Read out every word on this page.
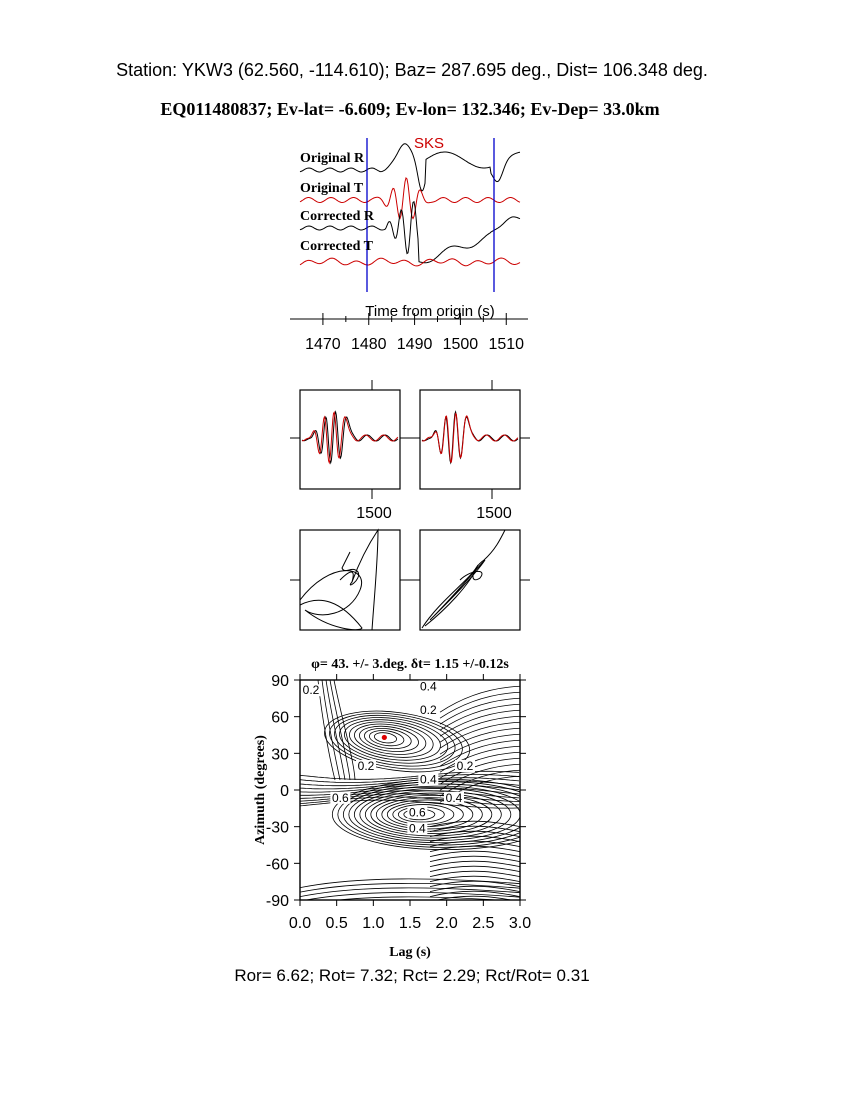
Station: YKW3 (62.560, -114.610); Baz= 287.695 deg., Dist= 106.348 deg.
EQ011480837; Ev-lat= -6.609; Ev-lon= 132.346; Ev-Dep= 33.0km
SKS
Original R
Original T
Corrected R
Corrected T
Time from origin (s)
1470 1480 1490 1500 1510
1500	1500
φ= 43. +/- 3.deg. δt= 1.15 +/-0.12s
0.2	0.4
0.2
0.2	0.2
0.4
0.6	0.4
0.6
0.4
0.0 0.5 1.0 1.5 2.0 2.5 3.0
90
60
30
0
-30
-60
-90
Lag (s)
Azimuth (degrees)
Ror= 6.62; Rot= 7.32; Rct= 2.29; Rct/Rot= 0.31
